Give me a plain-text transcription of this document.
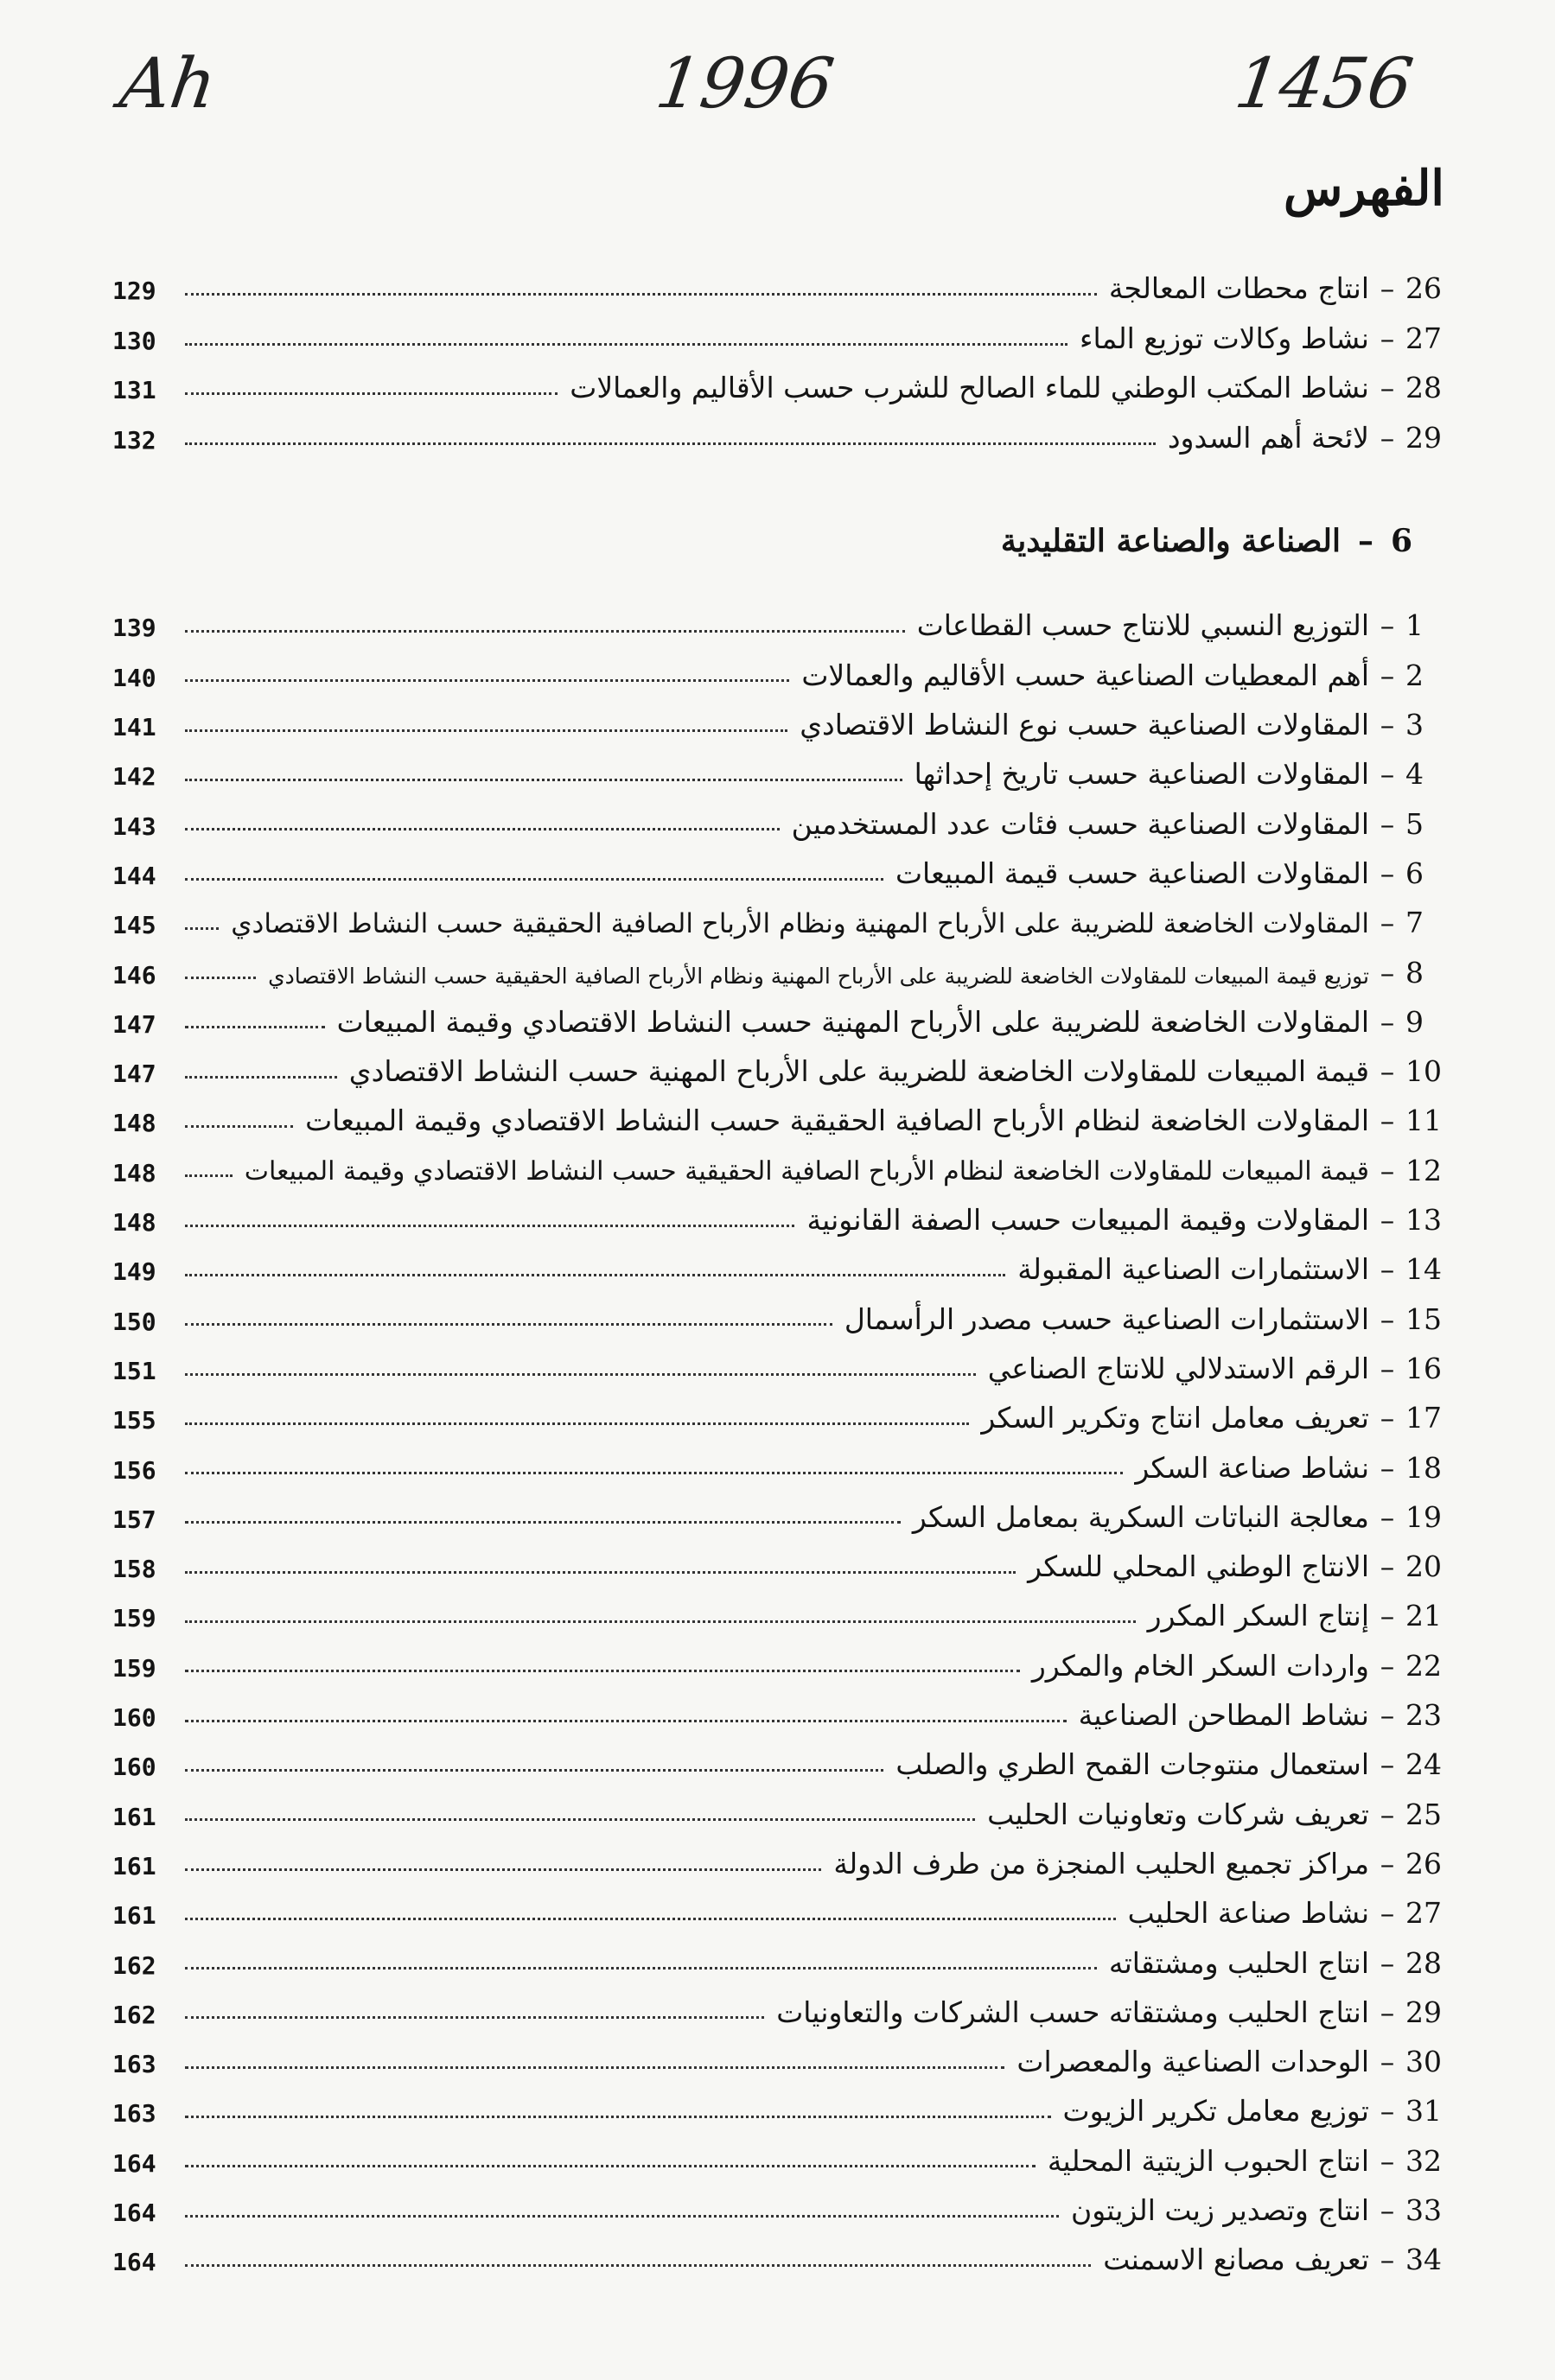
Ah	1996	1456
الفهرس
26
–
انتاج محطات المعالجة
129
27
–
نشاط وكالات توزيع الماء
130
28
–
نشاط المكتب الوطني للماء الصالح للشرب حسب الأقاليم والعمالات
131
29
–
لائحة أهم السدود
132
6
–
الصناعة والصناعة التقليدية
1
–
التوزيع النسبي للانتاج حسب القطاعات
139
2
–
أهم المعطيات الصناعية حسب الأقاليم والعمالات
140
3
–
المقاولات الصناعية حسب نوع النشاط الاقتصادي
141
4
–
المقاولات الصناعية حسب تاريخ إحداثها
142
5
–
المقاولات الصناعية حسب فئات عدد المستخدمين
143
6
–
المقاولات الصناعية حسب قيمة المبيعات
144
7
–
المقاولات الخاضعة للضريبة على الأرباح المهنية ونظام الأرباح الصافية الحقيقية حسب النشاط الاقتصادي
145
8
–
توزيع قيمة المبيعات للمقاولات الخاضعة للضريبة على الأرباح المهنية ونظام الأرباح الصافية الحقيقية حسب النشاط الاقتصادي
146
9
–
المقاولات الخاضعة للضريبة على الأرباح المهنية حسب النشاط الاقتصادي وقيمة المبيعات
147
10
–
قيمة المبيعات للمقاولات الخاضعة للضريبة على الأرباح المهنية حسب النشاط الاقتصادي
147
11
–
المقاولات الخاضعة لنظام الأرباح الصافية الحقيقية حسب النشاط الاقتصادي وقيمة المبيعات
148
12
–
قيمة المبيعات للمقاولات الخاضعة لنظام الأرباح الصافية الحقيقية حسب النشاط الاقتصادي وقيمة المبيعات
148
13
–
المقاولات وقيمة المبيعات حسب الصفة القانونية
148
14
–
الاستثمارات الصناعية المقبولة
149
15
–
الاستثمارات الصناعية حسب مصدر الرأسمال
150
16
–
الرقم الاستدلالي للانتاج الصناعي
151
17
–
تعريف معامل انتاج وتكرير السكر
155
18
–
نشاط صناعة السكر
156
19
–
معالجة النباتات السكرية بمعامل السكر
157
20
–
الانتاج الوطني المحلي للسكر
158
21
–
إنتاج السكر المكرر
159
22
–
واردات السكر الخام والمكرر
159
23
–
نشاط المطاحن الصناعية
160
24
–
استعمال منتوجات القمح الطري والصلب
160
25
–
تعريف شركات وتعاونيات الحليب
161
26
–
مراكز تجميع الحليب المنجزة من طرف الدولة
161
27
–
نشاط صناعة الحليب
161
28
–
انتاج الحليب ومشتقاته
162
29
–
انتاج الحليب ومشتقاته حسب الشركات والتعاونيات
162
30
–
الوحدات الصناعية والمعصرات
163
31
–
توزيع معامل تكرير الزيوت
163
32
–
انتاج الحبوب الزيتية المحلية
164
33
–
انتاج وتصدير زيت الزيتون
164
34
–
تعريف مصانع الاسمنت
164
